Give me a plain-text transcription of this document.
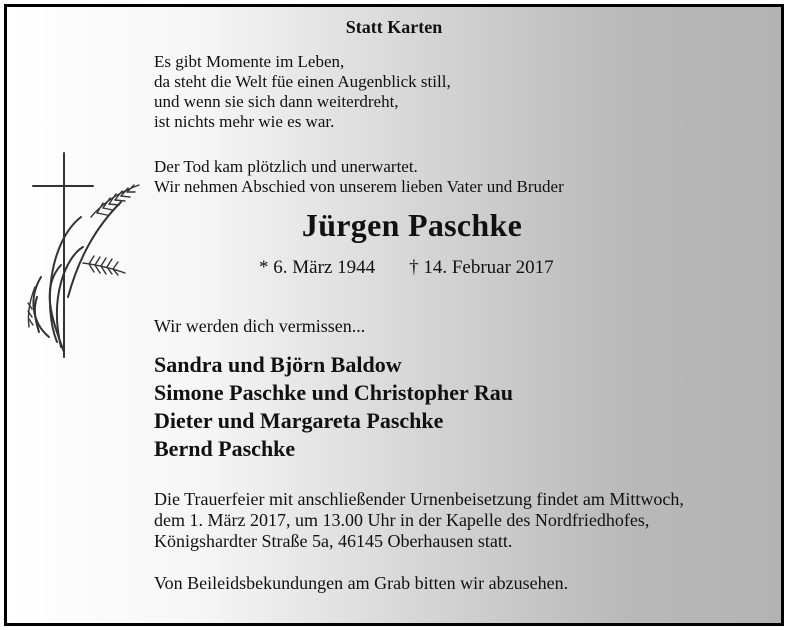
Statt Karten

Es gibt Momente im Leben,
da steht die Welt füe einen Augenblick still,
und wenn sie sich dann weiterdreht,
ist nichts mehr wie es war.

Der Tod kam plötzlich und unerwartet.
Wir nehmen Abschied von unserem lieben Vater und Bruder

Jürgen Paschke

* 6. März 1944 † 14. Februar 2017

Wir werden dich vermissen...

Sandra und Björn Baldow
Simone Paschke und Christopher Rau
Dieter und Margareta Paschke
Bernd Paschke

Die Trauerfeier mit anschließender Urnenbeisetzung findet am Mittwoch,
dem 1. März 2017, um 13.00 Uhr in der Kapelle des Nordfriedhofes,
Königshardter Straße 5a, 46145 Oberhausen statt.

Von Beileidsbekundungen am Grab bitten wir abzusehen.
